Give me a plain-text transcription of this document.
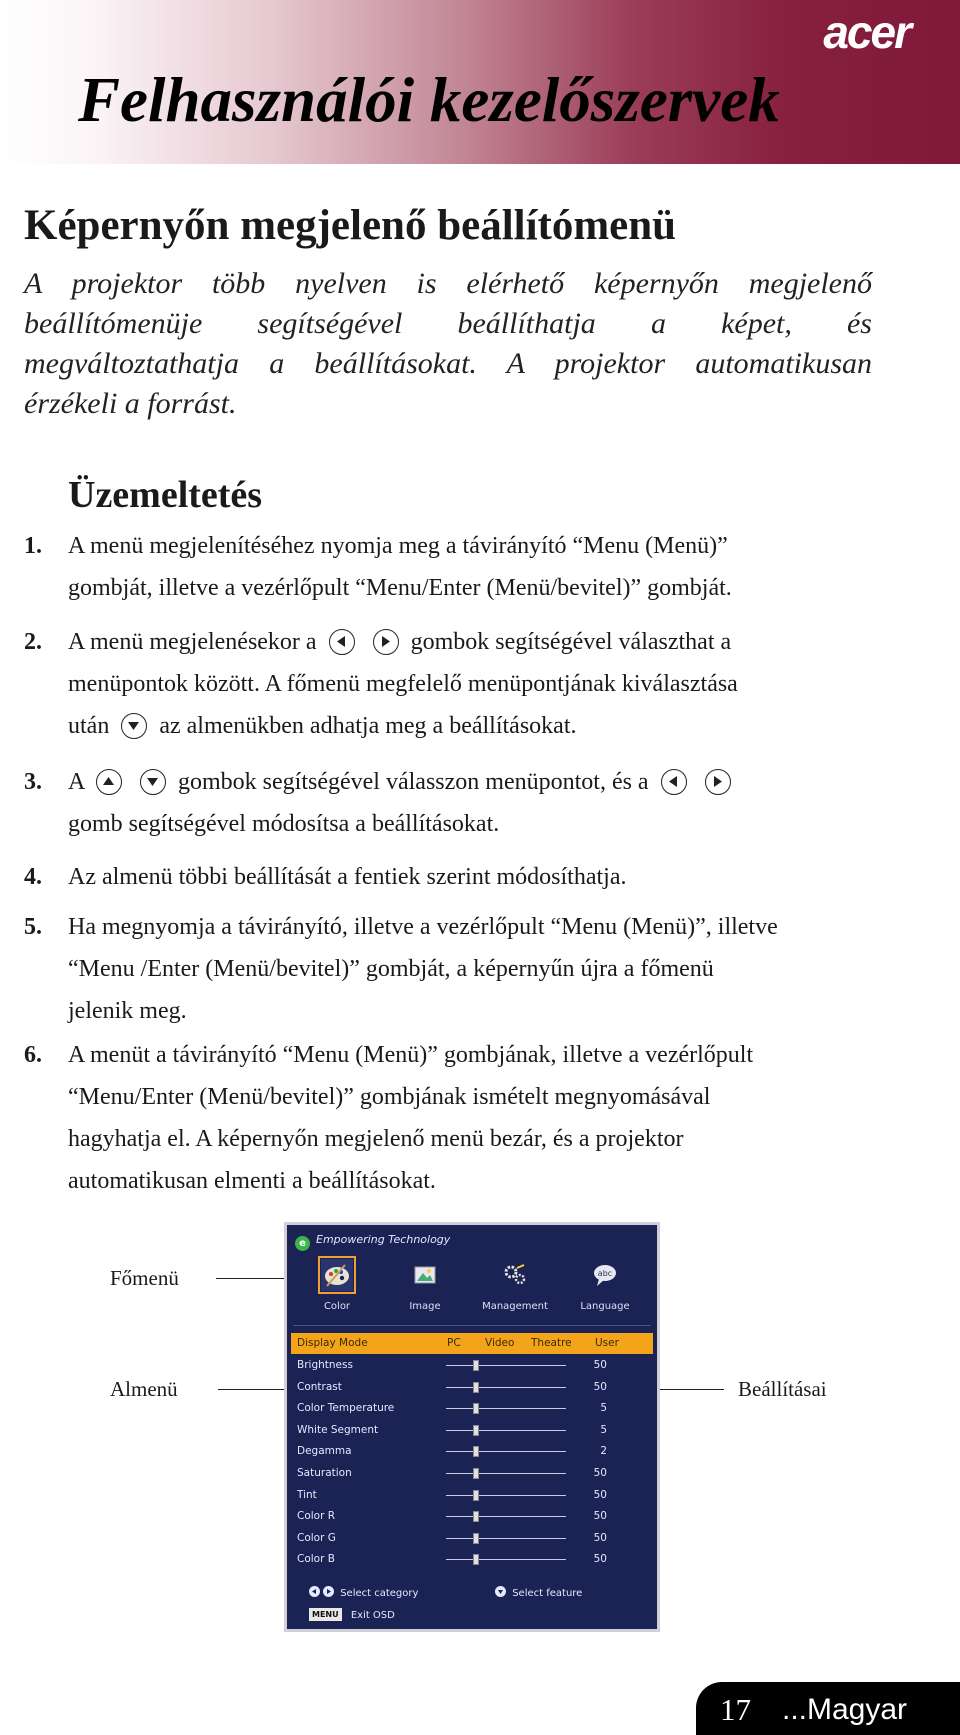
acer
Felhasználói kezelőszervek
Képernyőn megjelenő beállítómenü
A projektor több nyelven is elérhető képernyőn megjelenő
beállítómenüje segítségével beállíthatja a képet, és
megváltoztathatja a beállításokat. A projektor automatikusan
érzékeli a forrást.
Üzemeltetés
1. A menü megjelenítéséhez nyomja meg a távirányító “Menu (Menü)”
gombját, illetve a vezérlőpult “Menu/Enter (Menü/bevitel)” gombját.
2. A menü megjelenésekor a
	gombok segítségével választhat a
menüpontok között. A főmenü megfelelő menüpontjának kiválasztása
után az almenükben adhatja meg a beállításokat.
3. A
	gombok segítségével válasszon menüpontot, és a

gomb segítségével módosítsa a beállításokat.
4. Az almenü többi beállítását a fentiek szerint módosíthatja.
5. Ha megnyomja a távirányító, illetve a vezérlőpult “Menu (Menü)”, illetve
“Menu /Enter (Menü/bevitel)” gombját, a képernyűn újra a főmenü
jelenik meg.
6. A menüt a távirányító “Menu (Menü)” gombjának, illetve a vezérlőpult
“Menu/Enter (Menü/bevitel)” gombjának ismételt megnyomásával
hagyhatja el. A képernyőn megjelenő menü bezár, és a projektor
automatikusan elmenti a beállításokat.
Főmenü
Almenü	Beállításai
e Empowering Technology
Color	Image	Management
abc
Language
Display Mode	PC Video Theatre User
Brightness	50
Contrast	50
Color Temperature	5
White Segment	5
Degamma	2
Saturation	50
Tint	50
Color R	50
Color G	50
Color B	50
Select category	Select feature
MENU Exit OSD
17 ...Magyar
